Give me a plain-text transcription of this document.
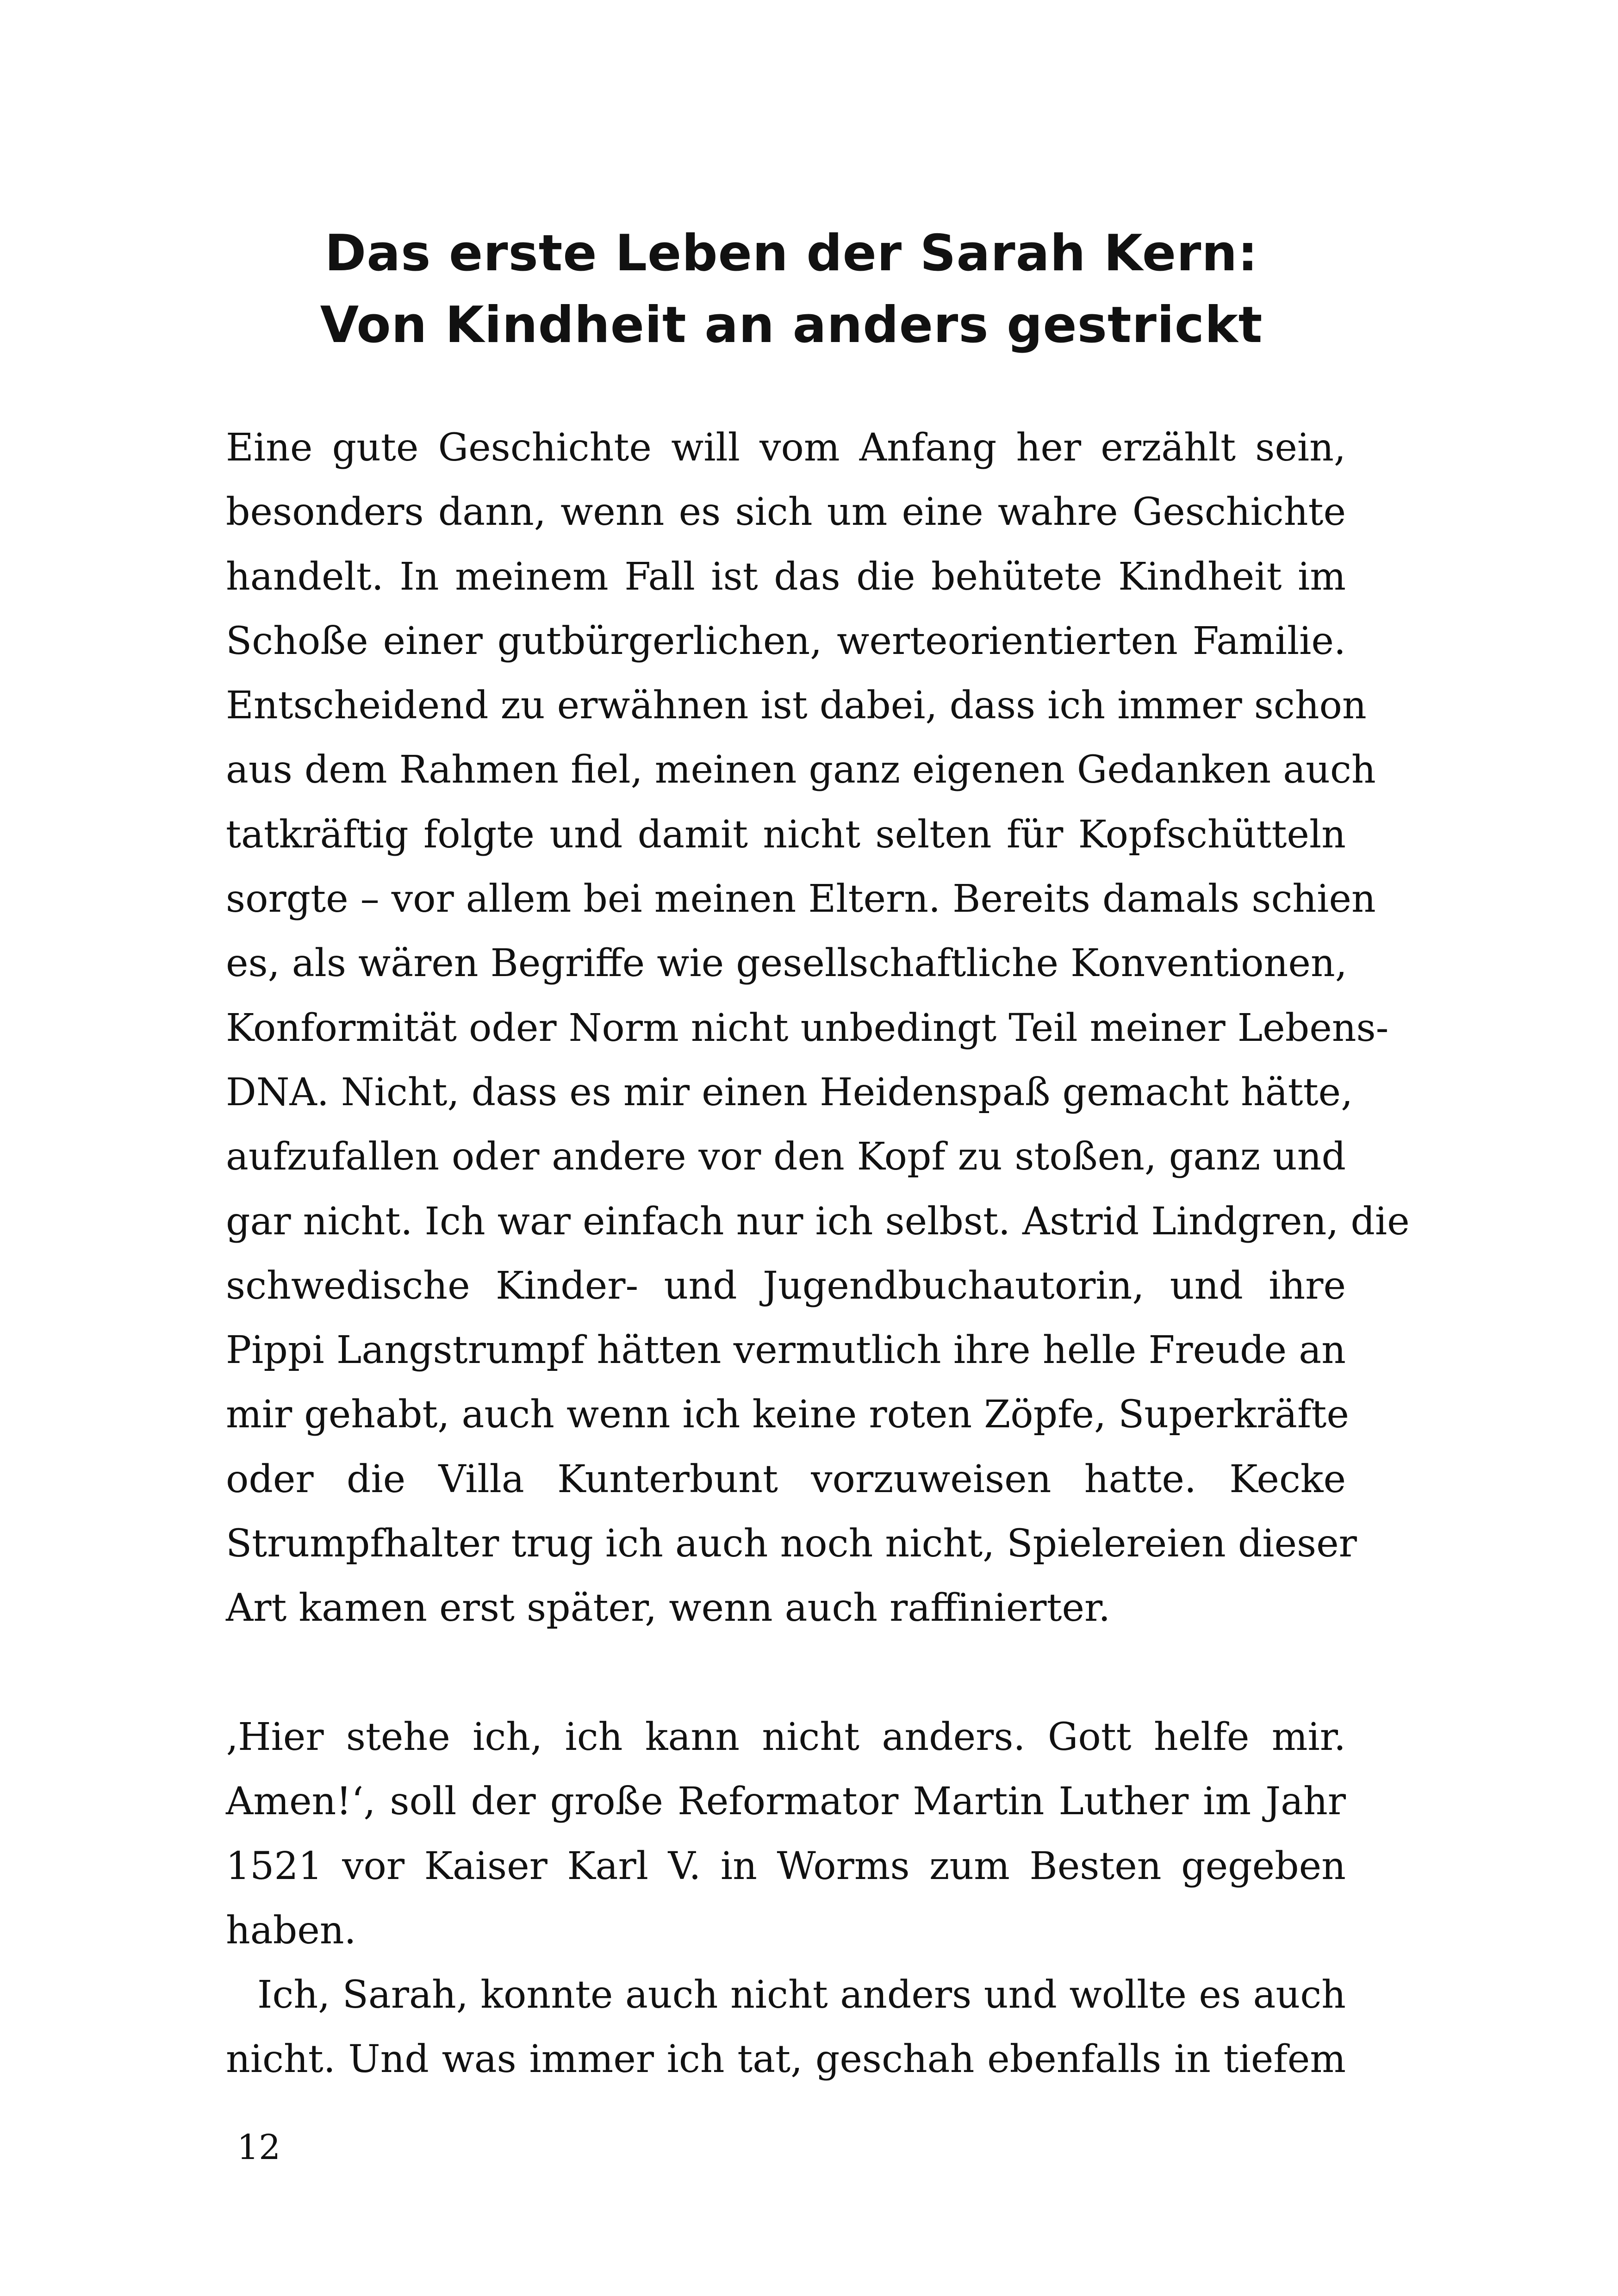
Das erste Leben der Sarah Kern:
Von Kindheit an anders gestrickt

Eine gute Geschichte will vom Anfang her erzählt sein,
besonders dann, wenn es sich um eine wahre Geschichte
handelt. In meinem Fall ist das die behütete Kindheit im
Schoße einer gutbürgerlichen, werteorientierten Familie.
Entscheidend zu erwähnen ist dabei, dass ich immer schon
aus dem Rahmen fiel, meinen ganz eigenen Gedanken auch
tatkräftig folgte und damit nicht selten für Kopfschütteln
sorgte – vor allem bei meinen Eltern. Bereits damals schien
es, als wären Begriffe wie gesellschaftliche Konventionen,
Konformität oder Norm nicht unbedingt Teil meiner Lebens-
DNA. Nicht, dass es mir einen Heidenspaß gemacht hätte,
aufzufallen oder andere vor den Kopf zu stoßen, ganz und
gar nicht. Ich war einfach nur ich selbst. Astrid Lindgren, die
schwedische Kinder- und Jugendbuchautorin, und ihre
Pippi Langstrumpf hätten vermutlich ihre helle Freude an
mir gehabt, auch wenn ich keine roten Zöpfe, Superkräfte
oder die Villa Kunterbunt vorzuweisen hatte. Kecke
Strumpfhalter trug ich auch noch nicht, Spielereien dieser
Art kamen erst später, wenn auch raffinierter.

‚Hier stehe ich, ich kann nicht anders. Gott helfe mir.
Amen!‘, soll der große Reformator Martin Luther im Jahr
1521 vor Kaiser Karl V. in Worms zum Besten gegeben
haben.

Ich, Sarah, konnte auch nicht anders und wollte es auch
nicht. Und was immer ich tat, geschah ebenfalls in tiefem

12
